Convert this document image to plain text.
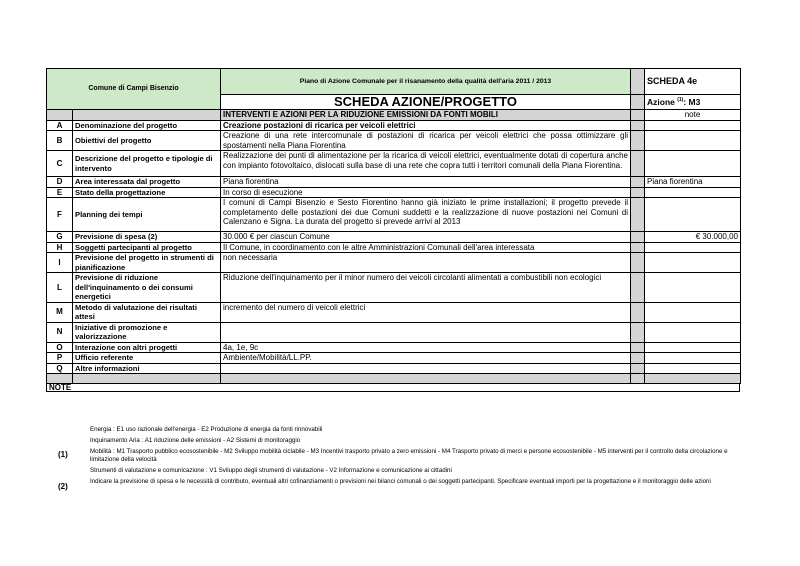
Comune di Campi Bisenzio		Piano di Azione Comunale per il risanamento della qualità dell'aria 2011 / 2013		SCHEDA 4e
		SCHEDA AZIONE/PROGETTO		Azione $^{(1)}$: M3
		INTERVENTI E AZIONI PER LA RIDUZIONE EMISSIONI DA FONTI MOBILI		note
A	Denominazione del progetto	Creazione postazioni di ricarica per veicoli elettrici		
B	Obiettivi del progetto	Creazione di una rete intercomunale di postazioni di ricarica per veicoli elettrici che possa ottimizzare gli spostamenti nella Piana Fiorentina		
C	Descrizione del progetto e tipologie di intervento	Realizzazione dei punti di alimentazione per la ricarica di veicoli elettrici, eventualmente dotati di copertura anche con impianto fotovoltaico, dislocati sulla base di una rete che copra tutti i territori comunali della Piana Fiorentina.		
D	Area interessata dal progetto	Piana fiorentina		Piana fiorentina
E	Stato della progettazione	In corso di esecuzione		
F	Planning dei tempi	I comuni di Campi Bisenzio e Sesto Fiorentino hanno già iniziato le prime installazioni; il progetto prevede il completamento delle postazioni dei due Comuni suddetti e la realizzazione di nuove postazioni nei Comuni di Calenzano e Signa. La durata del progetto si prevede arrivi al 2013		
G	Previsione di spesa (2)	30.000 € per ciascun Comune		€ 30.000,00
H	Soggetti partecipanti al progetto	Il Comune, in coordinamento con le altre Amministrazioni Comunali dell'area interessata		
I	Previsione del progetto in strumenti di pianificazione	non necessaria		
L	Previsione di riduzione dell'inquinamento o dei consumi energetici	Riduzione dell'inquinamento per il minor numero dei veicoli circolanti alimentati a combustibili non ecologici		
M	Metodo di valutazione dei risultati attesi	incremento del numero di veicoli elettrici		
N	Iniziative di promozione e valorizzazione			
O	Interazione con altri progetti	4a, 1e, 9c		
P	Ufficio referente	Ambiente/Mobilità/LL.PP.		
Q	Altre informazioni			

NOTE
Energia : E1 uso razionale dell'energia - E2 Produzione di energia da fonti rinnovabili
Inquinamento Aria : A1 riduzione delle emissioni - A2 Sistemi di monitoraggio
(1)	Mobilità : M1 Trasporto pubblico ecosostenibile - M2 Sviluppo mobilità ciclabile - M3 Incentivi trasporto privato a zero emissioni - M4 Trasporto privato di merci e persone ecosostenibile - M5 interventi per il controllo della circolazione e limitazione della velocità
Strumenti di valutazione e comunicazione : V1 Sviluppo degli strumenti di valutazione - V2 Informazione e comunicazione ai cittadini
(2)
Indicare la previsione di spesa e le necessità di contributo, eventuali altri cofinanziamenti o previsioni nei bilanci comunali o dei soggetti partecipanti. Specificare eventuali importi per la progettazione e il monitoraggio delle azioni
